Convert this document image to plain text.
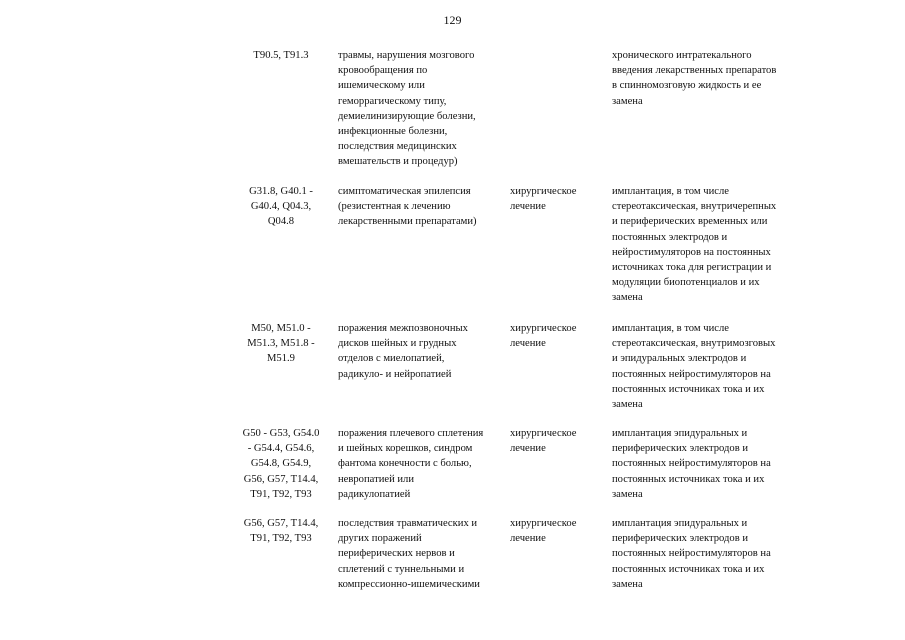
129
T90.5, T91.3	травмы, нарушения мозгового
кровообращения по
ишемическому или
геморрагическому типу,
демиелинизирующие болезни,
инфекционные болезни,
последствия медицинских
вмешательств и процедур)
хронического интратекального
введения лекарственных препаратов
в спинномозговую жидкость и ее
замена
G31.8, G40.1 -
G40.4, Q04.3,
Q04.8
симптоматическая эпилепсия
(резистентная к лечению
лекарственными препаратами)
хирургическое
лечение
имплантация, в том числе
стереотаксическая, внутричерепных
и периферических временных или
постоянных электродов и
нейростимуляторов на постоянных
источниках тока для регистрации и
модуляции биопотенциалов и их
замена
M50, M51.0 -
M51.3, M51.8 -
M51.9
поражения межпозвоночных
дисков шейных и грудных
отделов с миелопатией,
радикуло- и нейропатией
хирургическое
лечение
имплантация, в том числе
стереотаксическая, внутримозговых
и эпидуральных электродов и
постоянных нейростимуляторов на
постоянных источниках тока и их
замена
G50 - G53, G54.0
- G54.4, G54.6,
G54.8, G54.9,
G56, G57, T14.4,
T91, T92, T93
поражения плечевого сплетения
и шейных корешков, синдром
фантома конечности с болью,
невропатией или
радикулопатией
хирургическое
лечение
имплантация эпидуральных и
периферических электродов и
постоянных нейростимуляторов на
постоянных источниках тока и их
замена
G56, G57, T14.4,
T91, T92, T93
последствия травматических и
других поражений
периферических нервов и
сплетений с туннельными и
компрессионно-ишемическими
хирургическое
лечение
имплантация эпидуральных и
периферических электродов и
постоянных нейростимуляторов на
постоянных источниках тока и их
замена
